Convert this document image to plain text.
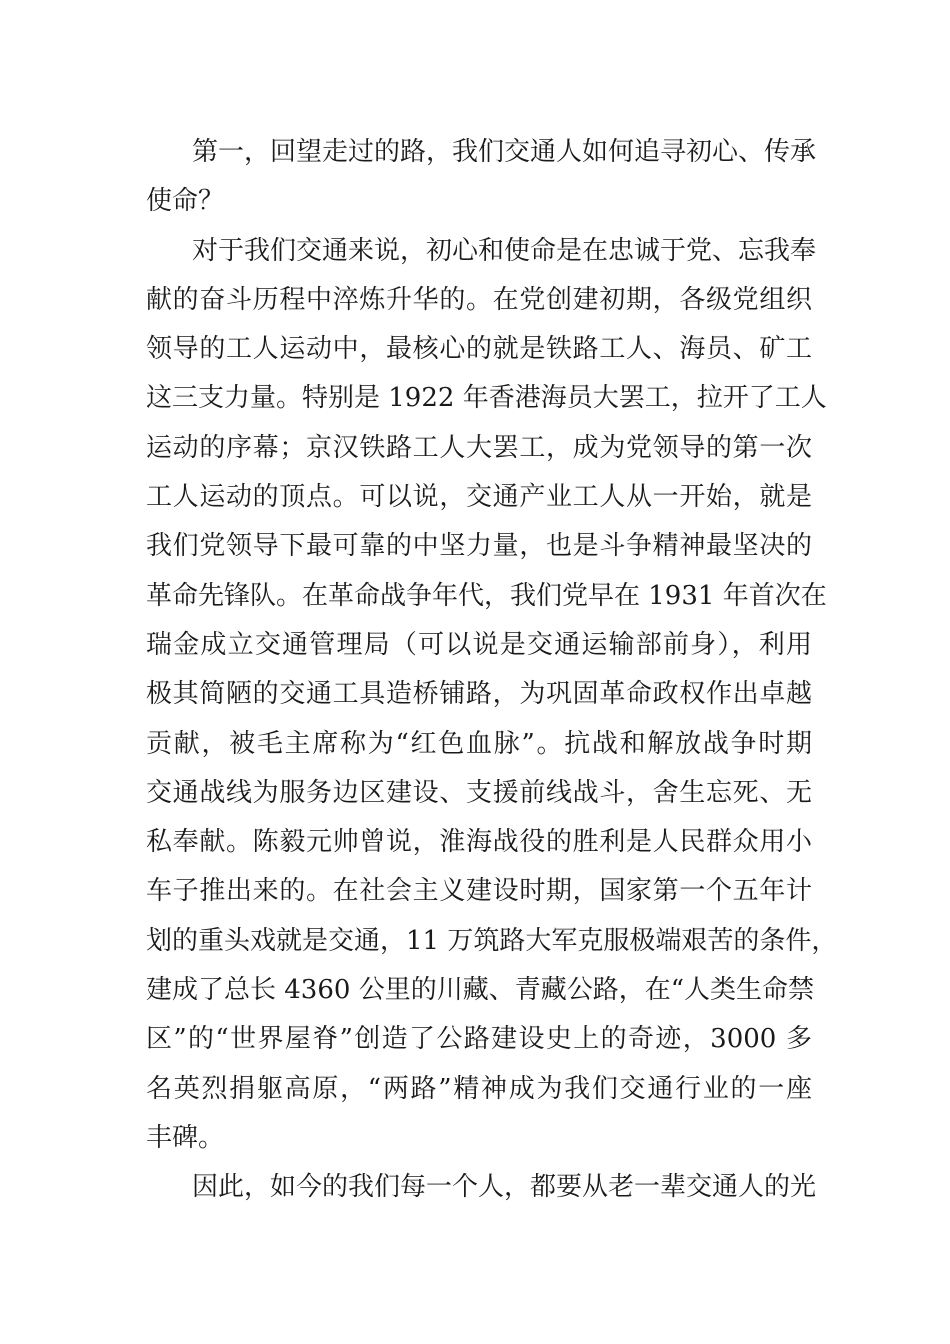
第一，回望走过的路，我们交通人如何追寻初心、传承
使命？
对于我们交通来说，初心和使命是在忠诚于党、忘我奉
献的奋斗历程中淬炼升华的。在党创建初期，各级党组织
领导的工人运动中，最核心的就是铁路工人、海员、矿工
这三支力量。特别是 1922 年香港海员大罢工，拉开了工人
运动的序幕；京汉铁路工人大罢工，成为党领导的第一次
工人运动的顶点。可以说，交通产业工人从一开始，就是
我们党领导下最可靠的中坚力量，也是斗争精神最坚决的
革命先锋队。在革命战争年代，我们党早在 1931 年首次在
瑞金成立交通管理局（可以说是交通运输部前身），利用
极其简陋的交通工具造桥铺路，为巩固革命政权作出卓越
贡献，被毛主席称为“红色血脉”。抗战和解放战争时期
交通战线为服务边区建设、支援前线战斗，舍生忘死、无
私奉献。陈毅元帅曾说，淮海战役的胜利是人民群众用小
车子推出来的。在社会主义建设时期，国家第一个五年计
划的重头戏就是交通，11 万筑路大军克服极端艰苦的条件，
建成了总长 4360 公里的川藏、青藏公路，在“人类生命禁
区”的“世界屋脊”创造了公路建设史上的奇迹，3000 多
名英烈捐躯高原，“两路”精神成为我们交通行业的一座
丰碑。
因此，如今的我们每一个人，都要从老一辈交通人的光
